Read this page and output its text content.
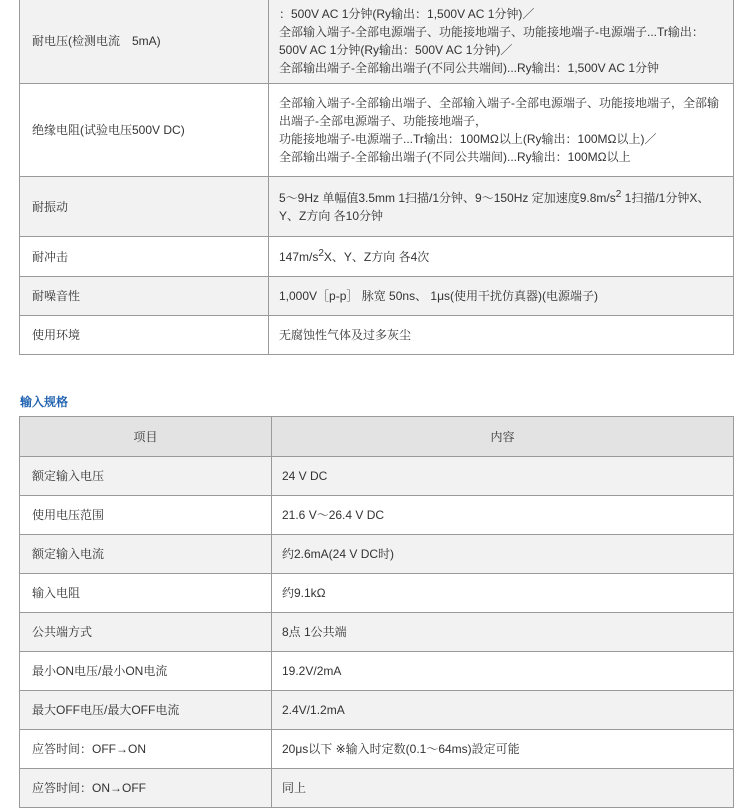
耐电压(检测电流　5mA)	：500V AC 1分钟(Ry输出：1,500V AC 1分钟)／
全部输入端子-全部电源端子、功能接地端子、功能接地端子-电源端子...Tr输出：
500V AC 1分钟(Ry输出：500V AC 1分钟)／
全部输出端子-全部输出端子(不同公共端间)...Ry输出：1,500V AC 1分钟

绝缘电阻(试验电压500V DC)	全部输入端子-全部输出端子、全部输入端子-全部电源端子、功能接地端子，全部输
出端子-全部电源端子、功能接地端子，
功能接地端子-电源端子...Tr输出：100MΩ以上(Ry输出：100MΩ以上)／
全部输出端子-全部输出端子(不同公共端间)...Ry输出：100MΩ以上

耐振动	5～9Hz 单幅值3.5mm 1扫描/1分钟、9～150Hz 定加速度$9.8m/s^2$ 1扫描/1分钟X、
Y、Z方向 各10分钟

耐冲击	$147m/s^2X$、Y、Z方向 各4次
耐噪音性	1,000V［p-p］ 脉宽 50ns、 1μs(使用干扰仿真器)(电源端子)
使用环境	无腐蚀性气体及过多灰尘
输入规格
项目	内容
额定输入电压	24 V DC
使用电压范围	21.6 V～26.4 V DC
额定输入电流	约2.6mA(24 V DC时)
输入电阻	约9.1kΩ
公共端方式	8点 1公共端
最小ON电压/最小ON电流	19.2V/2mA
最大OFF电压/最大OFF电流	2.4V/1.2mA
应答时间：OFF→ON	20μs以下 ※输入时定数(0.1～64ms)設定可能
应答时间：ON→OFF	同上
